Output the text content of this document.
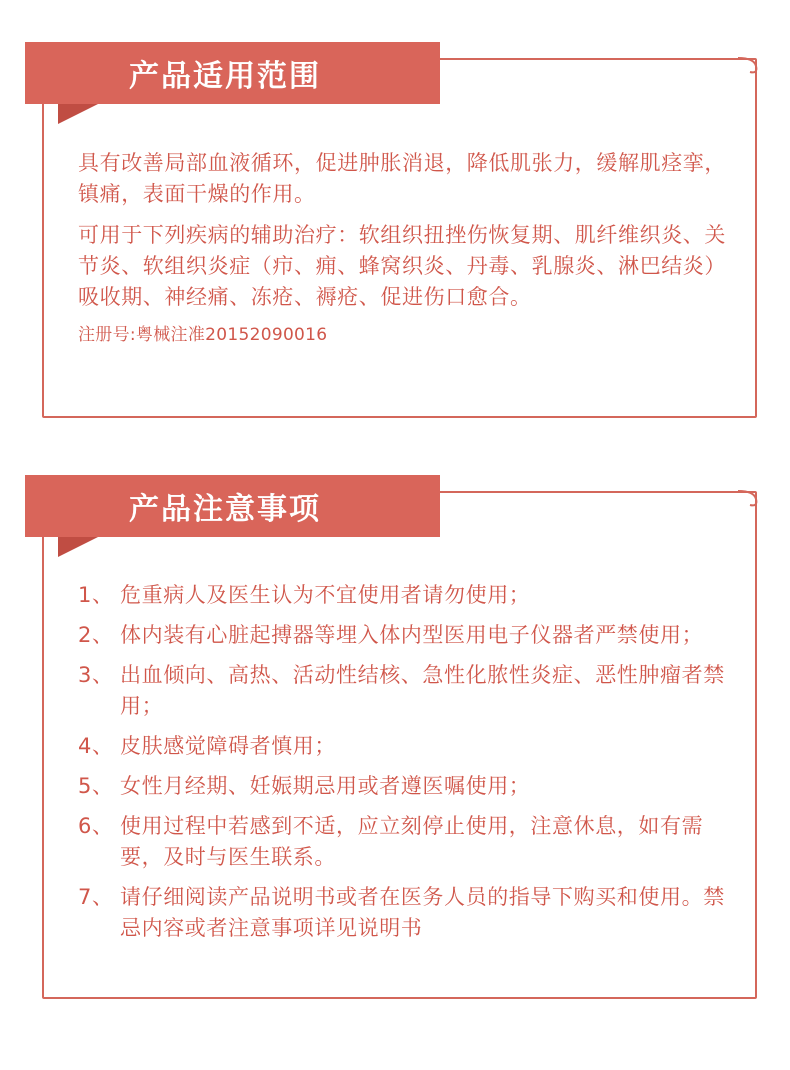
产品适用范围

具有改善局部血液循环，促进肿胀消退，降低肌张力，缓解肌痉挛，镇痛，表面干燥的作用。

可用于下列疾病的辅助治疗：软组织扭挫伤恢复期、肌纤维织炎、关节炎、软组织炎症（疖、痈、蜂窝织炎、丹毒、乳腺炎、淋巴结炎）吸收期、神经痛、冻疮、褥疮、促进伤口愈合。

注册号:粤械注准20152090016
产品注意事项
1、 危重病人及医生认为不宜使用者请勿使用；
2、 体内装有心脏起搏器等埋入体内型医用电子仪器者严禁使用；
3、 出血倾向、高热、活动性结核、急性化脓性炎症、恶性肿瘤者禁用；
4、 皮肤感觉障碍者慎用；
5、 女性月经期、妊娠期忌用或者遵医嘱使用；
6、 使用过程中若感到不适，应立刻停止使用，注意休息，如有需要，及时与医生联系。
7、 请仔细阅读产品说明书或者在医务人员的指导下购买和使用。禁忌内容或者注意事项详见说明书
